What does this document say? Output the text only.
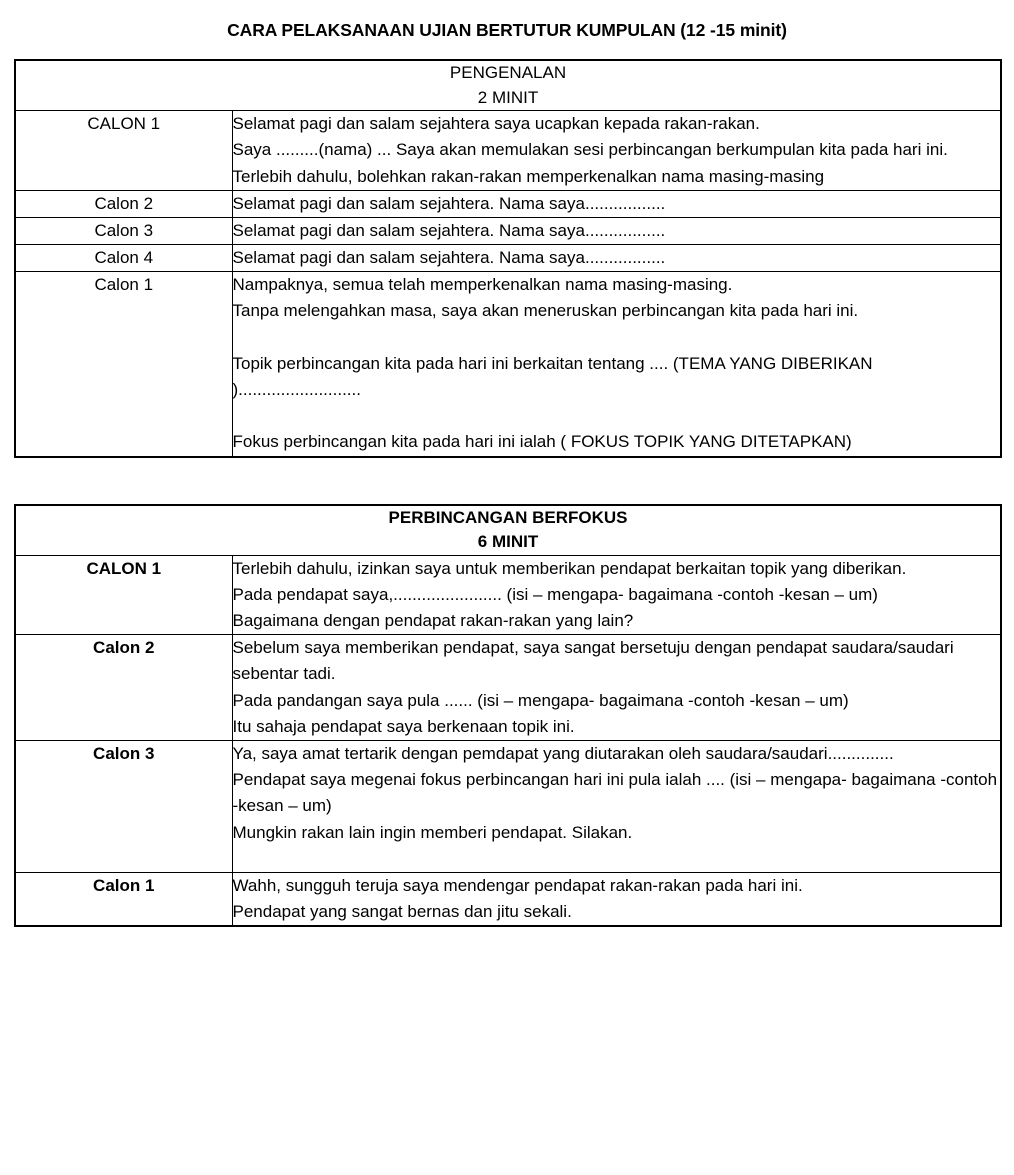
CARA PELAKSANAAN UJIAN BERTUTUR KUMPULAN (12 -15 minit)
PENGENALAN
2 MINIT	

CALON 1	Selamat pagi dan salam sejahtera saya ucapkan kepada rakan-rakan.

Saya .........(nama) ... Saya akan memulakan sesi perbincangan berkumpulan kita pada hari ini.

Terlebih dahulu, bolehkan rakan-rakan memperkenalkan nama masing-masing

Calon 2	Selamat pagi dan salam sejahtera. Nama saya.................

Calon 3	Selamat pagi dan salam sejahtera. Nama saya.................

Calon 4	Selamat pagi dan salam sejahtera. Nama saya.................

Calon 1	Nampaknya, semua telah memperkenalkan nama masing-masing.

Tanpa melengahkan masa, saya akan meneruskan perbincangan kita pada hari ini.

Topik perbincangan kita pada hari ini berkaitan tentang .... (TEMA YANG DIBERIKAN )..........................

Fokus perbincangan kita pada hari ini ialah ( FOKUS TOPIK YANG DITETAPKAN)

PERBINCANGAN BERFOKUS
6 MINIT	

CALON 1	Terlebih dahulu, izinkan saya untuk memberikan pendapat berkaitan topik yang diberikan.

Pada pendapat saya,....................... (isi – mengapa- bagaimana -contoh -kesan – um)

Bagaimana dengan pendapat rakan-rakan yang lain?

Calon 2	Sebelum saya memberikan pendapat, saya sangat bersetuju dengan pendapat saudara/saudari sebentar tadi.

Pada pandangan saya pula ...... (isi – mengapa- bagaimana -contoh -kesan – um)

Itu sahaja pendapat saya berkenaan topik ini.

Calon 3	Ya, saya amat tertarik dengan pemdapat yang diutarakan oleh saudara/saudari..............

Pendapat saya megenai fokus perbincangan hari ini pula ialah .... (isi – mengapa- bagaimana -contoh -kesan – um)

Mungkin rakan lain ingin memberi pendapat. Silakan.

Calon 1	Wahh, sungguh teruja saya mendengar pendapat rakan-rakan pada hari ini.

Pendapat yang sangat bernas dan jitu sekali.
